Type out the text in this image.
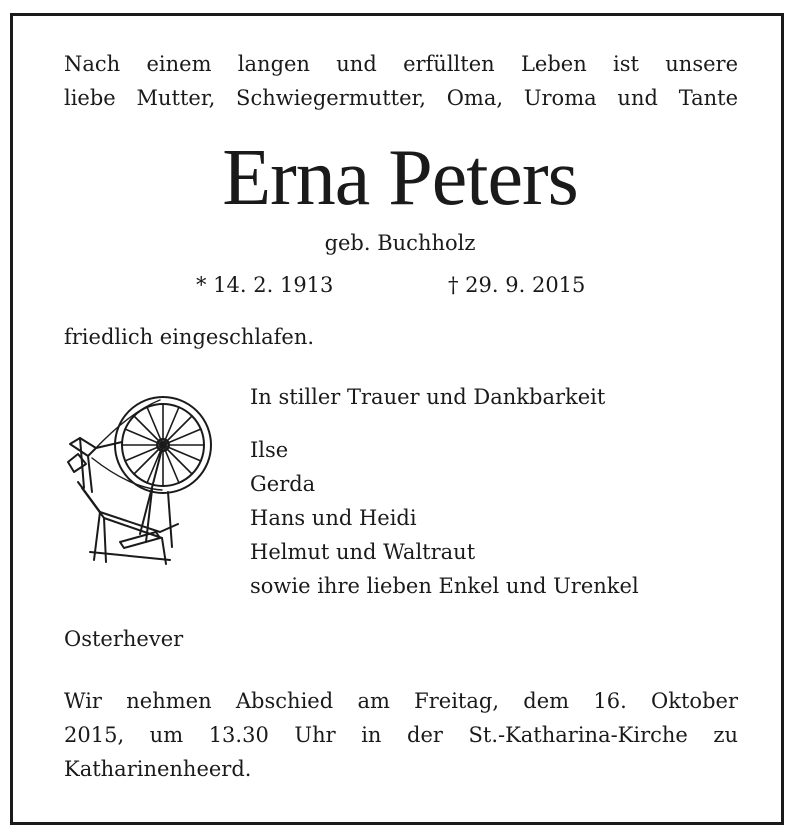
Nach einem langen und erfüllten Leben ist unsere

liebe Mutter, Schwiegermutter, Oma, Uroma und Tante

Erna Peters

geb. Buchholz

* 14. 2. 1913	† 29. 9. 2015

friedlich eingeschlafen.

In stiller Trauer und Dankbarkeit

Ilse

Gerda

Hans und Heidi

Helmut und Waltraut

sowie ihre lieben Enkel und Urenkel

Osterhever

Wir nehmen Abschied am Freitag, dem 16. Oktober

2015, um 13.30 Uhr in der St.-Katharina-Kirche zu

Katharinenheerd.
